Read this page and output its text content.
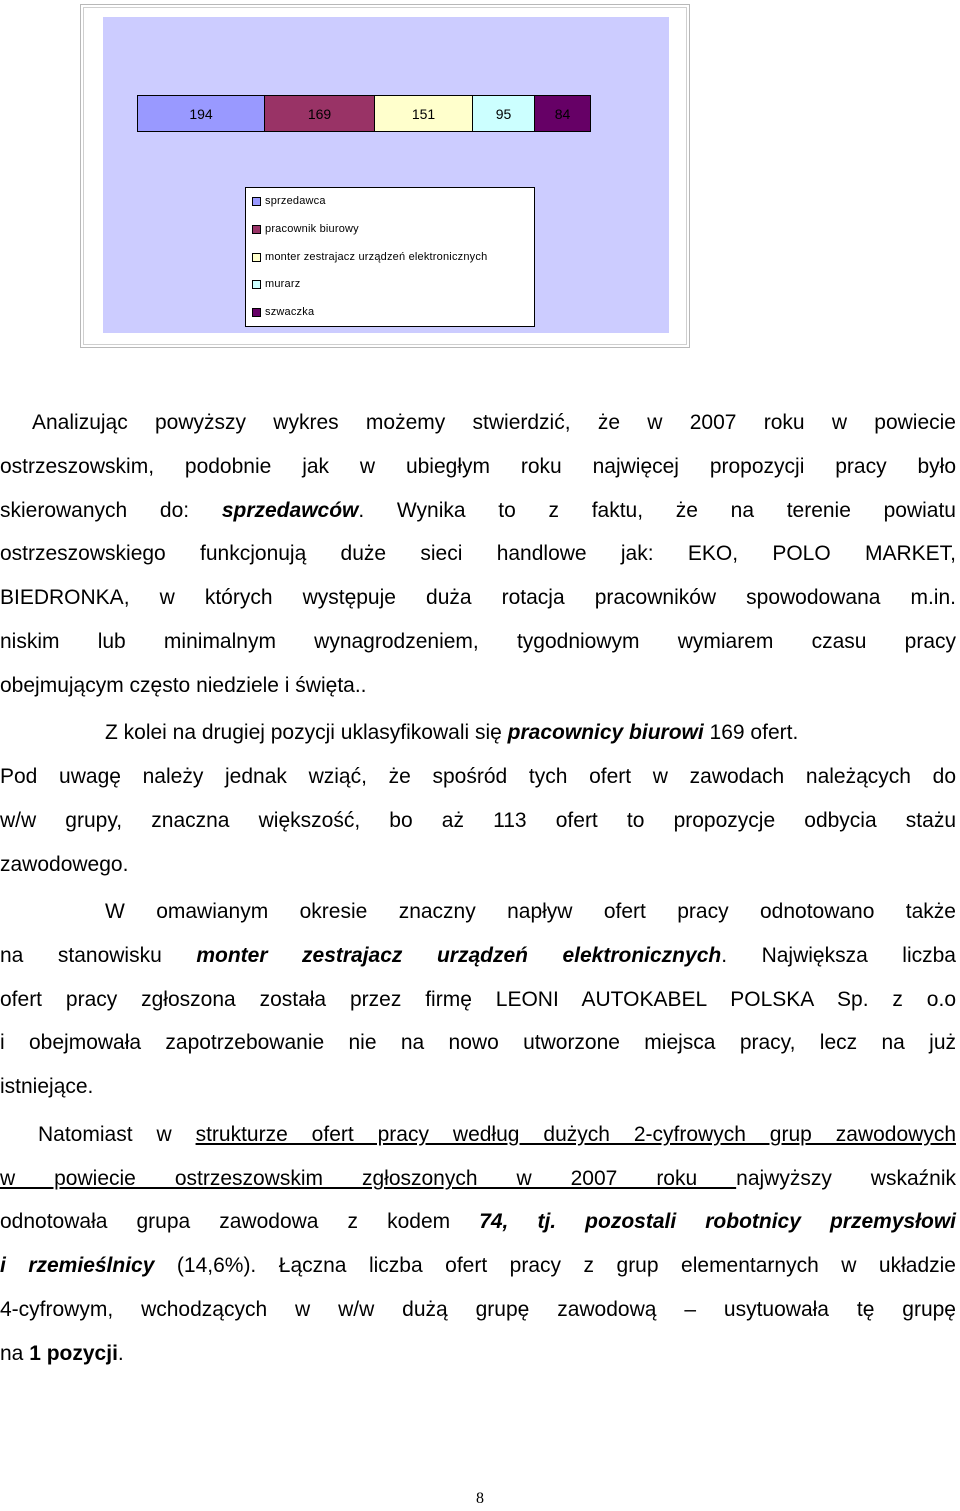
194	169	151	95	84
sprzedawca
pracownik biurowy
monter zestrajacz urządzeń elektronicznych
murarz
szwaczka
Analizując powyższy wykres możemy stwierdzić, że w 2007 roku w powiecie
ostrzeszowskim, podobnie jak w ubiegłym roku najwięcej propozycji pracy było
skierowanych do: sprzedawców. Wynika to z faktu, że na terenie powiatu
ostrzeszowskiego funkcjonują duże sieci handlowe jak: EKO, POLO MARKET,
BIEDRONKA, w których występuje duża rotacja pracowników spowodowana m.in.
niskim lub minimalnym wynagrodzeniem, tygodniowym wymiarem czasu pracy
obejmującym często niedziele i święta..
Z kolei na drugiej pozycji uklasyfikowali się pracownicy biurowi 169 ofert.
Pod uwagę należy jednak wziąć, że spośród tych ofert w zawodach należących do
w/w grupy, znaczna większość, bo aż 113 ofert to propozycje odbycia stażu
zawodowego.
W omawianym okresie znaczny napływ ofert pracy odnotowano także
na stanowisku monter zestrajacz urządzeń elektronicznych. Największa liczba
ofert pracy zgłoszona została przez firmę LEONI AUTOKABEL POLSKA Sp. z o.o
i obejmowała zapotrzebowanie nie na nowo utworzone miejsca pracy, lecz na już
istniejące.
Natomiast w strukturze ofert pracy według dużych 2-cyfrowych grup zawodowych
w powiecie ostrzeszowskim zgłoszonych w 2007 roku najwyższy wskaźnik
odnotowała grupa zawodowa z kodem 74, tj. pozostali robotnicy przemysłowi
i rzemieślnicy (14,6%). Łączna liczba ofert pracy z grup elementarnych w układzie
4-cyfrowym, wchodzących w w/w dużą grupę zawodową – usytuowała tę grupę
na 1 pozycji.
8
